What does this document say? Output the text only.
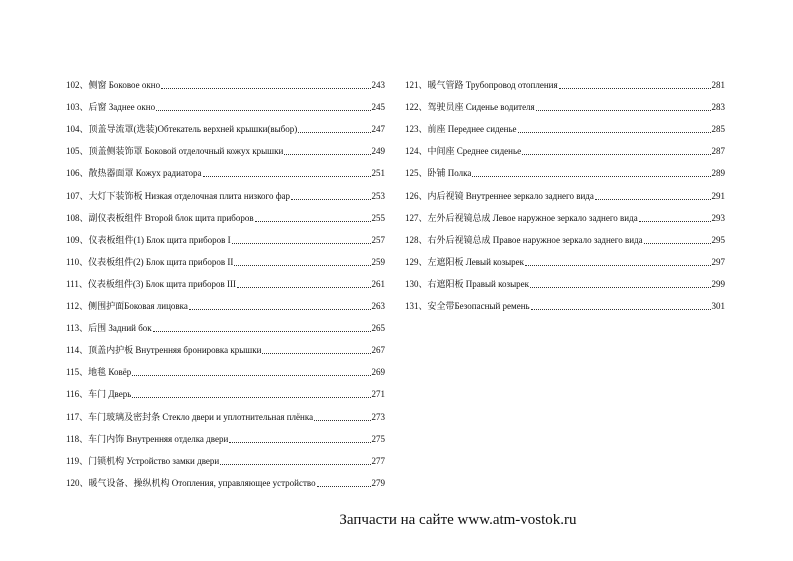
102、侧窗 Боковое окно	243
103、后窗 Заднее окно	245
104、顶盖导流罩(选装)Обтекатель верхней крышки(выбор)	247
105、顶盖侧装饰罩 Боковой отделочный кожух крышки	249
106、散热器面罩 Кожух радиатора	251
107、大灯下装饰板 Низкая отделочная плита низкого фар	253
108、副仪表板组件 Второй блок щита приборов	255
109、仪表板组件(1) Блок щита приборов I	257
110、仪表板组件(2) Блок щита приборов II	259
111、仪表板组件(3) Блок щита приборов III	261
112、侧围护面Боковая лицовка	263
113、后围 Задний бок	265
114、顶盖内护板 Внутренняя бронировка крышки	267
115、地毯 Ковёр	269
116、车门 Дверь	271
117、车门玻璃及密封条 Стекло двери и уплотнительная плёнка	273
118、车门内饰 Внутренняя отделка двери	275
119、门锁机构 Устройство замки двери	277
120、暖气设备、操纵机构 Отопления, управляющее устройство	279
121、暖气管路 Трубопровод отопления	281
122、驾驶员座 Сиденье водителя	283
123、前座 Переднее сиденье	285
124、中间座 Среднее сиденье	287
125、卧铺 Полка	289
126、内后视镜 Внутреннее зеркало заднего вида	291
127、左外后视镜总成 Левое наружное зеркало заднего вида	293
128、右外后视镜总成 Правое наружное зеркало заднего вида	295
129、左遮阳板 Левый козырек	297
130、右遮阳板 Правый козырек	299
131、安全带Безопасный ремень	301
Запчасти на сайте www.atm-vostok.ru
